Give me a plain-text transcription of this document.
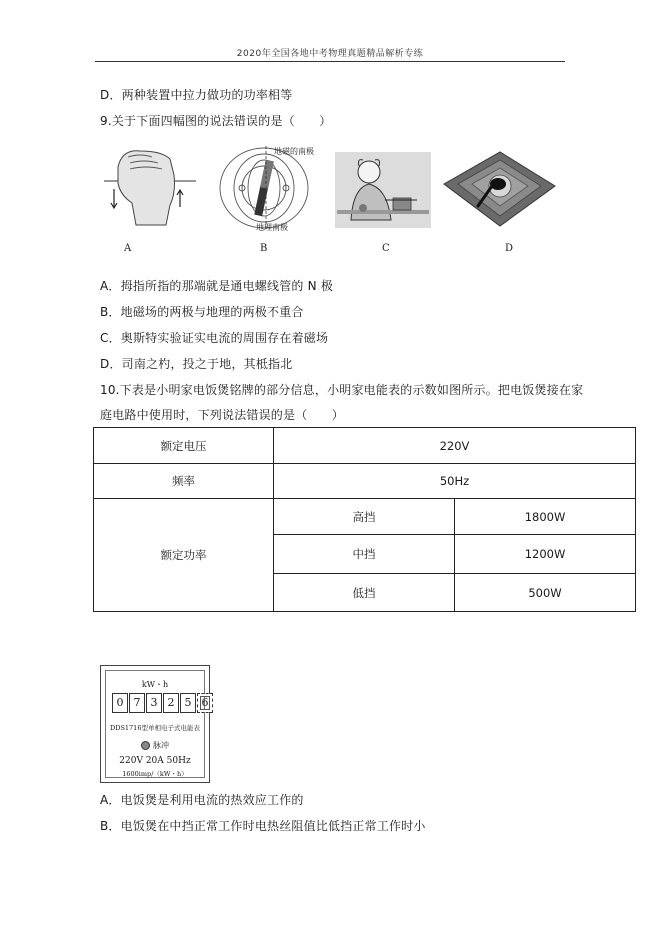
2020年全国各地中考物理真题精品解析专练
D．两种装置中拉力做功的功率相等
9.关于下面四幅图的说法错误的是（　　）
地磁的南极
地理南极
A	B	C	D
A．拇指所指的那端就是通电螺线管的 N 极
B．地磁场的两极与地理的两极不重合
C．奥斯特实验证实电流的周围存在着磁场
D．司南之杓，投之于地，其柢指北
10.下表是小明家电饭煲铭牌的部分信息，小明家电能表的示数如图所示。把电饭煲接在家
庭电路中使用时，下列说法错误的是（　　）
额定电压	220V	
频率	50Hz	
额定功率	高挡	1800W
	中挡	1200W
	低挡	500W
kW・h
0 7 3 2 5 6
DDS1716型单相电子式电能表
脉冲
220V 20A 50Hz
1600imp/（kW・h）
A．电饭煲是利用电流的热效应工作的
B．电饭煲在中挡正常工作时电热丝阻值比低挡正常工作时小
